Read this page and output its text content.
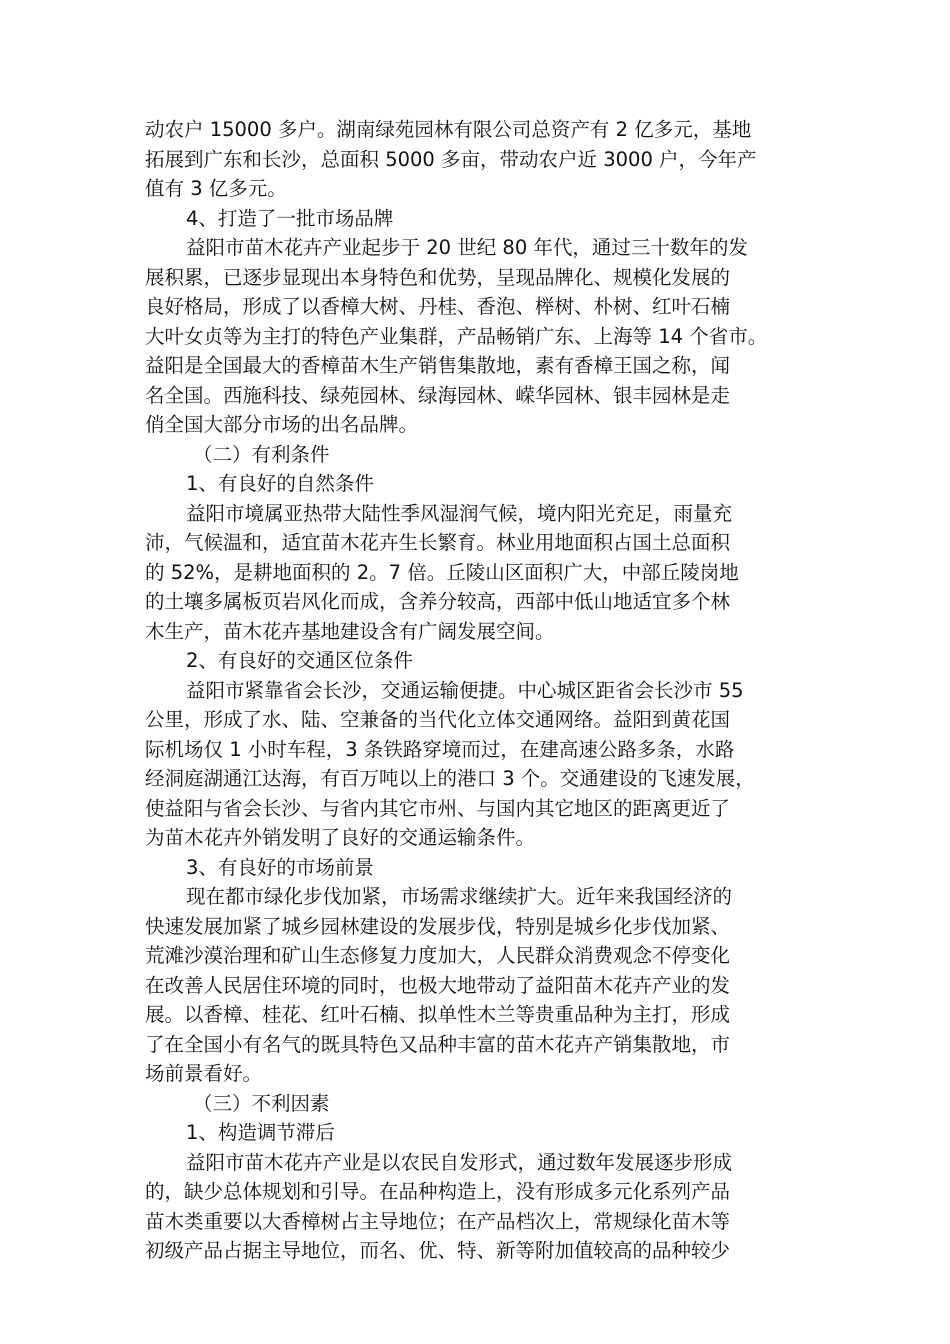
动农户 15000 多户。湖南绿苑园林有限公司总资产有 2 亿多元，基地
拓展到广东和长沙，总面积 5000 多亩，带动农户近 3000 户，今年产
值有 3 亿多元。
4、打造了一批市场品牌
益阳市苗木花卉产业起步于 20 世纪 80 年代，通过三十数年的发
展积累，已逐步显现出本身特色和优势，呈现品牌化、规模化发展的
良好格局，形成了以香樟大树、丹桂、香泡、榉树、朴树、红叶石楠
大叶女贞等为主打的特色产业集群，产品畅销广东、上海等 14 个省市。
益阳是全国最大的香樟苗木生产销售集散地，素有香樟王国之称，闻
名全国。西施科技、绿苑园林、绿海园林、嵘华园林、银丰园林是走
俏全国大部分市场的出名品牌。
（二）有利条件
1、有良好的自然条件
益阳市境属亚热带大陆性季风湿润气候，境内阳光充足，雨量充
沛，气候温和，适宜苗木花卉生长繁育。林业用地面积占国土总面积
的 52%，是耕地面积的 2。7 倍。丘陵山区面积广大，中部丘陵岗地
的土壤多属板页岩风化而成，含养分较高，西部中低山地适宜多个林
木生产，苗木花卉基地建设含有广阔发展空间。
2、有良好的交通区位条件
益阳市紧靠省会长沙，交通运输便捷。中心城区距省会长沙市 55
公里，形成了水、陆、空兼备的当代化立体交通网络。益阳到黄花国
际机场仅 1 小时车程，3 条铁路穿境而过，在建高速公路多条，水路
经洞庭湖通江达海，有百万吨以上的港口 3 个。交通建设的飞速发展，
使益阳与省会长沙、与省内其它市州、与国内其它地区的距离更近了
为苗木花卉外销发明了良好的交通运输条件。
3、有良好的市场前景
现在都市绿化步伐加紧，市场需求继续扩大。近年来我国经济的
快速发展加紧了城乡园林建设的发展步伐，特别是城乡化步伐加紧、
荒滩沙漠治理和矿山生态修复力度加大，人民群众消费观念不停变化
在改善人民居住环境的同时，也极大地带动了益阳苗木花卉产业的发
展。以香樟、桂花、红叶石楠、拟单性木兰等贵重品种为主打，形成
了在全国小有名气的既具特色又品种丰富的苗木花卉产销集散地，市
场前景看好。
（三）不利因素
1、构造调节滞后
益阳市苗木花卉产业是以农民自发形式，通过数年发展逐步形成
的，缺少总体规划和引导。在品种构造上，没有形成多元化系列产品
苗木类重要以大香樟树占主导地位；在产品档次上，常规绿化苗木等
初级产品占据主导地位，而名、优、特、新等附加值较高的品种较少
